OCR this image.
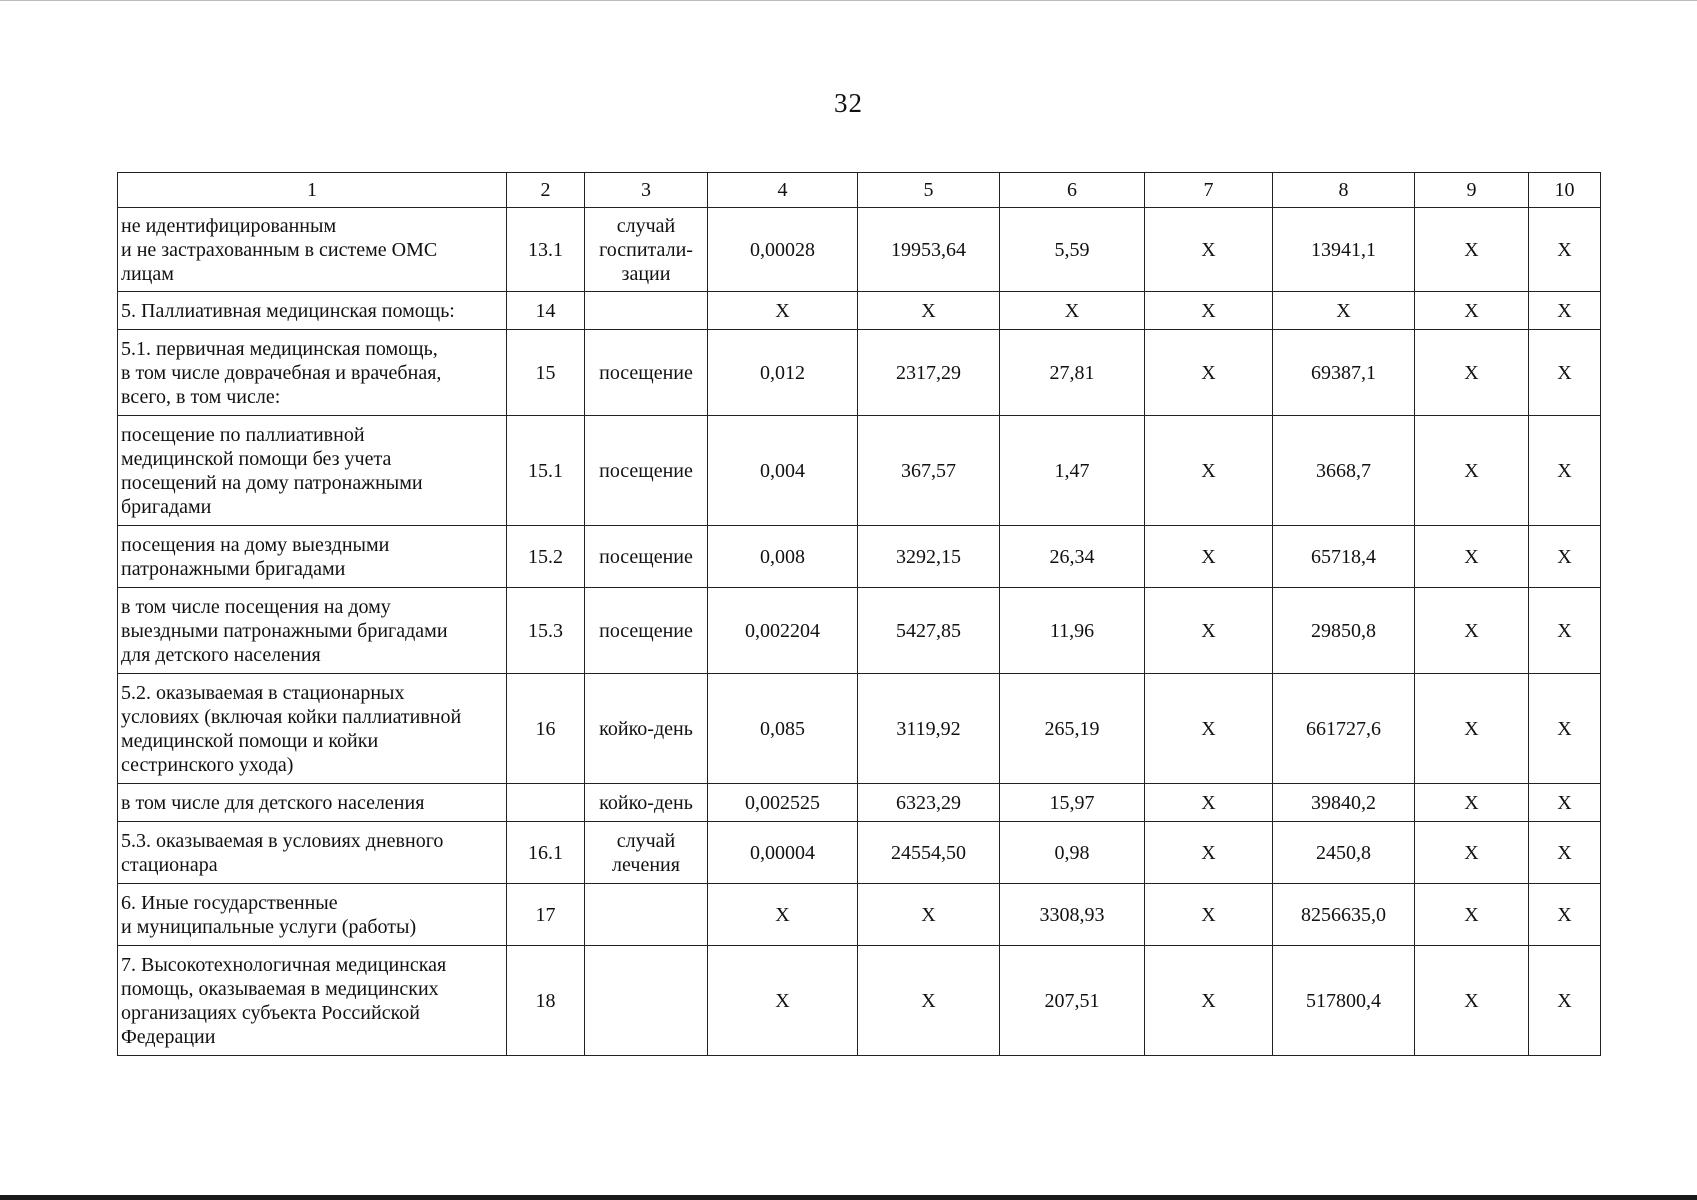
32
1	2	3	4	5	6	7	8	9	10
не идентифицированным
и не застрахованным в системе ОМС
лицам	13.1	случай
госпитали-
зации	0,00028	19953,64	5,59	Х	13941,1	Х	Х
5. Паллиативная медицинская помощь:	14		Х	Х	Х	Х	Х	Х	Х
5.1. первичная медицинская помощь,
в том числе доврачебная и врачебная,
всего, в том числе:	15	посещение	0,012	2317,29	27,81	Х	69387,1	Х	Х
посещение по паллиативной
медицинской помощи без учета
посещений на дому патронажными
бригадами	15.1	посещение	0,004	367,57	1,47	Х	3668,7	Х	Х
посещения на дому выездными
патронажными бригадами	15.2	посещение	0,008	3292,15	26,34	Х	65718,4	Х	Х
в том числе посещения на дому
выездными патронажными бригадами
для детского населения	15.3	посещение	0,002204	5427,85	11,96	Х	29850,8	Х	Х
5.2. оказываемая в стационарных
условиях (включая койки паллиативной
медицинской помощи и койки
сестринского ухода)	16	койко-день	0,085	3119,92	265,19	Х	661727,6	Х	Х
в том числе для детского населения		койко-день	0,002525	6323,29	15,97	Х	39840,2	Х	Х
5.3. оказываемая в условиях дневного
стационара	16.1	случай
лечения	0,00004	24554,50	0,98	Х	2450,8	Х	Х
6. Иные государственные
и муниципальные услуги (работы)	17		Х	Х	3308,93	Х	8256635,0	Х	Х
7. Высокотехнологичная медицинская
помощь, оказываемая в медицинских
организациях субъекта Российской
Федерации	18		Х	Х	207,51	Х	517800,4	Х	Х
